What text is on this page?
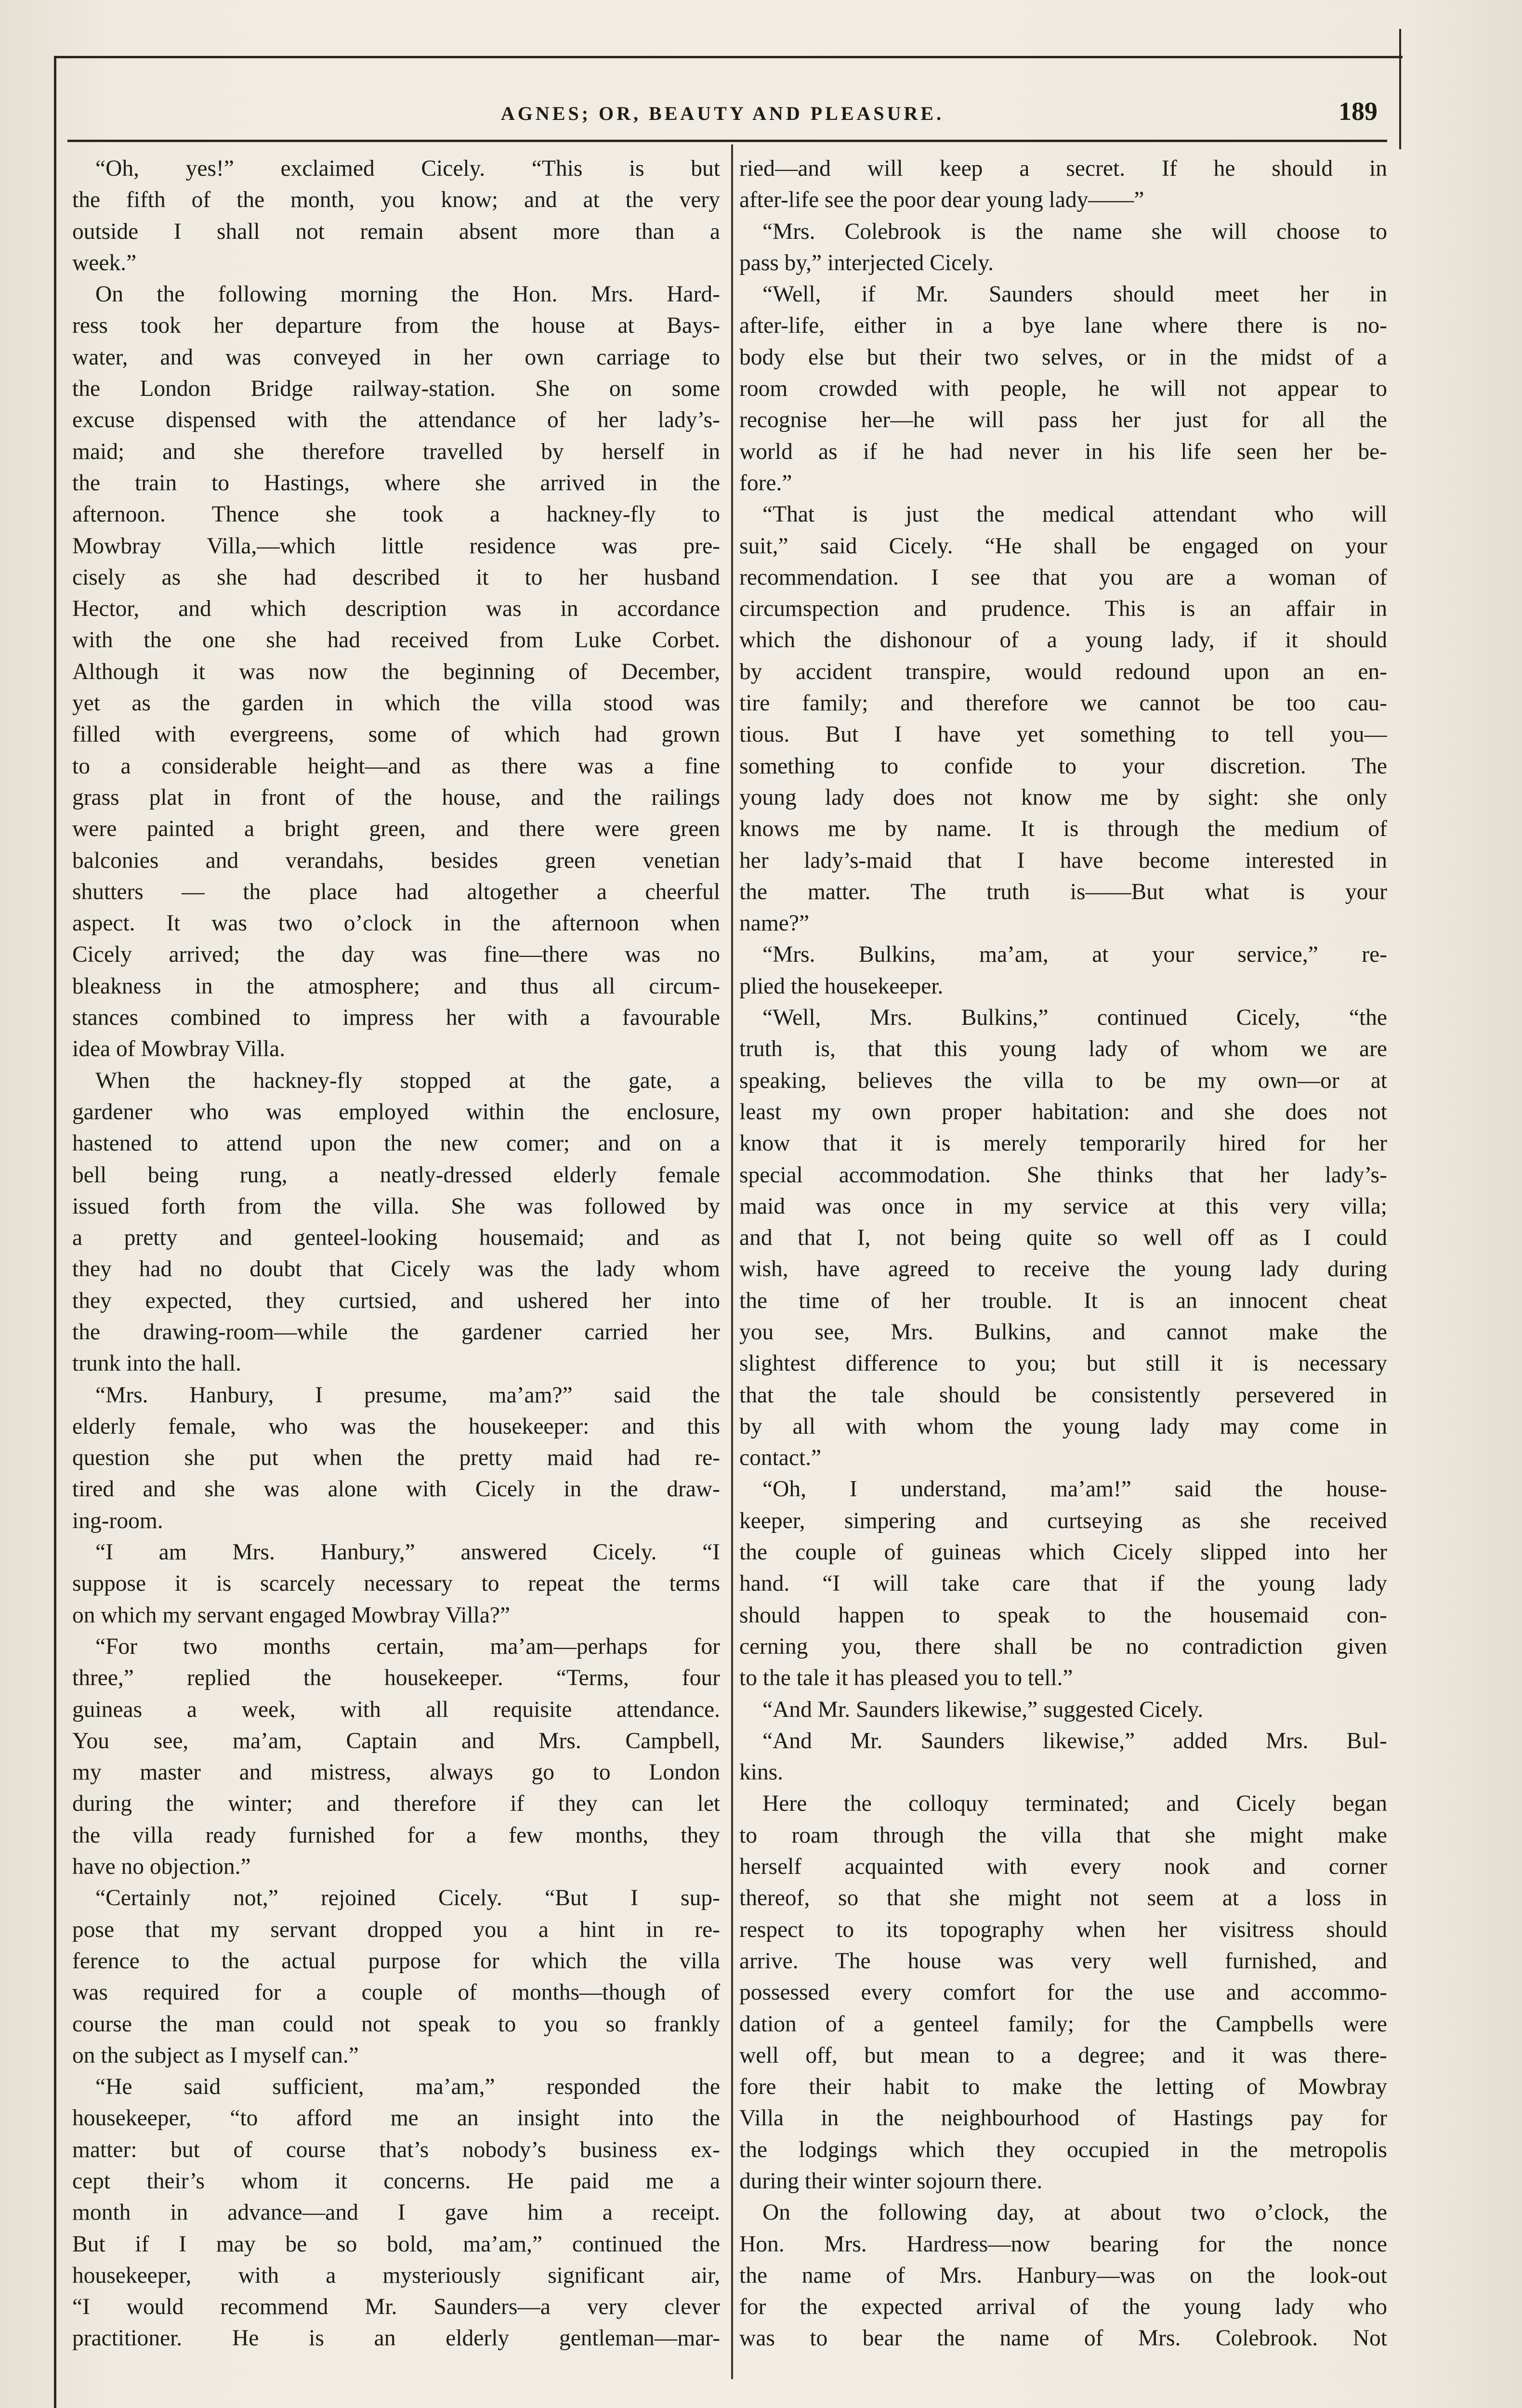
AGNES; OR, BEAUTY AND PLEASURE.	189
“Oh, yes!” exclaimed Cicely. “This is but
the fifth of the month, you know; and at the very
outside I shall not remain absent more than a
week.”
On the following morning the Hon. Mrs. Hard-
ress took her departure from the house at Bays-
water, and was conveyed in her own carriage to
the London Bridge railway-station. She on some
excuse dispensed with the attendance of her lady’s-
maid; and she therefore travelled by herself in
the train to Hastings, where she arrived in the
afternoon. Thence she took a hackney-fly to
Mowbray Villa,—which little residence was pre-
cisely as she had described it to her husband
Hector, and which description was in accordance
with the one she had received from Luke Corbet.
Although it was now the beginning of December,
yet as the garden in which the villa stood was
filled with evergreens, some of which had grown
to a considerable height—and as there was a fine
grass plat in front of the house, and the railings
were painted a bright green, and there were green
balconies and verandahs, besides green venetian
shutters — the place had altogether a cheerful
aspect. It was two o’clock in the afternoon when
Cicely arrived; the day was fine—there was no
bleakness in the atmosphere; and thus all circum-
stances combined to impress her with a favourable
idea of Mowbray Villa.
When the hackney-fly stopped at the gate, a
gardener who was employed within the enclosure,
hastened to attend upon the new comer; and on a
bell being rung, a neatly-dressed elderly female
issued forth from the villa. She was followed by
a pretty and genteel-looking housemaid; and as
they had no doubt that Cicely was the lady whom
they expected, they curtsied, and ushered her into
the drawing-room—while the gardener carried her
trunk into the hall.
“Mrs. Hanbury, I presume, ma’am?” said the
elderly female, who was the housekeeper: and this
question she put when the pretty maid had re-
tired and she was alone with Cicely in the draw-
ing-room.
“I am Mrs. Hanbury,” answered Cicely. “I
suppose it is scarcely necessary to repeat the terms
on which my servant engaged Mowbray Villa?”
“For two months certain, ma’am—perhaps for
three,” replied the housekeeper. “Terms, four
guineas a week, with all requisite attendance.
You see, ma’am, Captain and Mrs. Campbell,
my master and mistress, always go to London
during the winter; and therefore if they can let
the villa ready furnished for a few months, they
have no objection.”
“Certainly not,” rejoined Cicely. “But I sup-
pose that my servant dropped you a hint in re-
ference to the actual purpose for which the villa
was required for a couple of months—though of
course the man could not speak to you so frankly
on the subject as I myself can.”
“He said sufficient, ma’am,” responded the
housekeeper, “to afford me an insight into the
matter: but of course that’s nobody’s business ex-
cept their’s whom it concerns. He paid me a
month in advance—and I gave him a receipt.
But if I may be so bold, ma’am,” continued the
housekeeper, with a mysteriously significant air,
“I would recommend Mr. Saunders—a very clever
practitioner. He is an elderly gentleman—mar-
ried—and will keep a secret. If he should in
after-life see the poor dear young lady——”
“Mrs. Colebrook is the name she will choose to
pass by,” interjected Cicely.
“Well, if Mr. Saunders should meet her in
after-life, either in a bye lane where there is no-
body else but their two selves, or in the midst of a
room crowded with people, he will not appear to
recognise her—he will pass her just for all the
world as if he had never in his life seen her be-
fore.”
“That is just the medical attendant who will
suit,” said Cicely. “He shall be engaged on your
recommendation. I see that you are a woman of
circumspection and prudence. This is an affair in
which the dishonour of a young lady, if it should
by accident transpire, would redound upon an en-
tire family; and therefore we cannot be too cau-
tious. But I have yet something to tell you—
something to confide to your discretion. The
young lady does not know me by sight: she only
knows me by name. It is through the medium of
her lady’s-maid that I have become interested in
the matter. The truth is——But what is your
name?”
“Mrs. Bulkins, ma’am, at your service,” re-
plied the housekeeper.
“Well, Mrs. Bulkins,” continued Cicely, “the
truth is, that this young lady of whom we are
speaking, believes the villa to be my own—or at
least my own proper habitation: and she does not
know that it is merely temporarily hired for her
special accommodation. She thinks that her lady’s-
maid was once in my service at this very villa;
and that I, not being quite so well off as I could
wish, have agreed to receive the young lady during
the time of her trouble. It is an innocent cheat
you see, Mrs. Bulkins, and cannot make the
slightest difference to you; but still it is necessary
that the tale should be consistently persevered in
by all with whom the young lady may come in
contact.”
“Oh, I understand, ma’am!” said the house-
keeper, simpering and curtseying as she received
the couple of guineas which Cicely slipped into her
hand. “I will take care that if the young lady
should happen to speak to the housemaid con-
cerning you, there shall be no contradiction given
to the tale it has pleased you to tell.”
“And Mr. Saunders likewise,” suggested Cicely.
“And Mr. Saunders likewise,” added Mrs. Bul-
kins.
Here the colloquy terminated; and Cicely began
to roam through the villa that she might make
herself acquainted with every nook and corner
thereof, so that she might not seem at a loss in
respect to its topography when her visitress should
arrive. The house was very well furnished, and
possessed every comfort for the use and accommo-
dation of a genteel family; for the Campbells were
well off, but mean to a degree; and it was there-
fore their habit to make the letting of Mowbray
Villa in the neighbourhood of Hastings pay for
the lodgings which they occupied in the metropolis
during their winter sojourn there.
On the following day, at about two o’clock, the
Hon. Mrs. Hardress—now bearing for the nonce
the name of Mrs. Hanbury—was on the look-out
for the expected arrival of the young lady who
was to bear the name of Mrs. Colebrook. Not
